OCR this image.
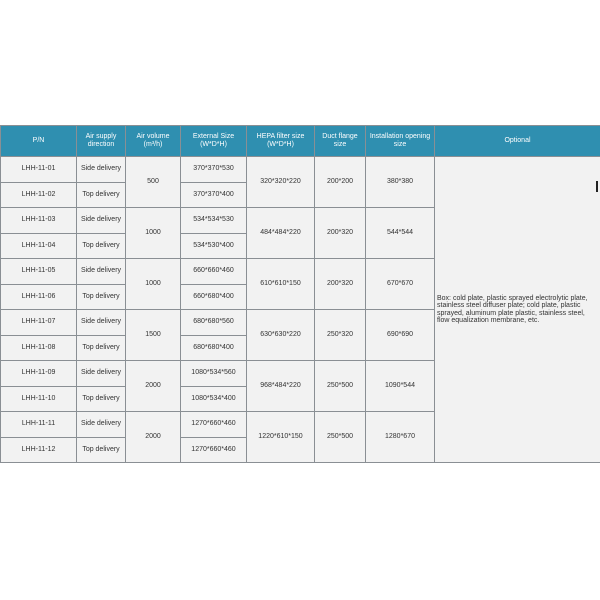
P/N	Air supply direction	Air volume (m³/h)	External Size (W*D*H)	HEPA filter size (W*D*H)	Duct flange size	Installation opening size	Optional
LHH-11-01	Side delivery	500	370*370*530	320*320*220	200*200	380*380	Box: cold plate, plastic sprayed electrolytic plate, stainless steel diffuser plate; cold plate, plastic sprayed, aluminum plate plastic, stainless steel, flow equalization membrane, etc.
LHH-11-02	Top delivery		370*370*400				
LHH-11-03	Side delivery	1000	534*534*530	484*484*220	200*320	544*544	
LHH-11-04	Top delivery		534*530*400				
LHH-11-05	Side delivery	1000	660*660*460	610*610*150	200*320	670*670	
LHH-11-06	Top delivery		660*680*400				
LHH-11-07	Side delivery	1500	680*680*560	630*630*220	250*320	690*690	
LHH-11-08	Top delivery		680*680*400				
LHH-11-09	Side delivery	2000	1080*534*560	968*484*220	250*500	1090*544	
LHH-11-10	Top delivery		1080*534*400				
LHH-11-11	Side delivery	2000	1270*660*460	1220*610*150	250*500	1280*670	
LHH-11-12	Top delivery		1270*660*460				
